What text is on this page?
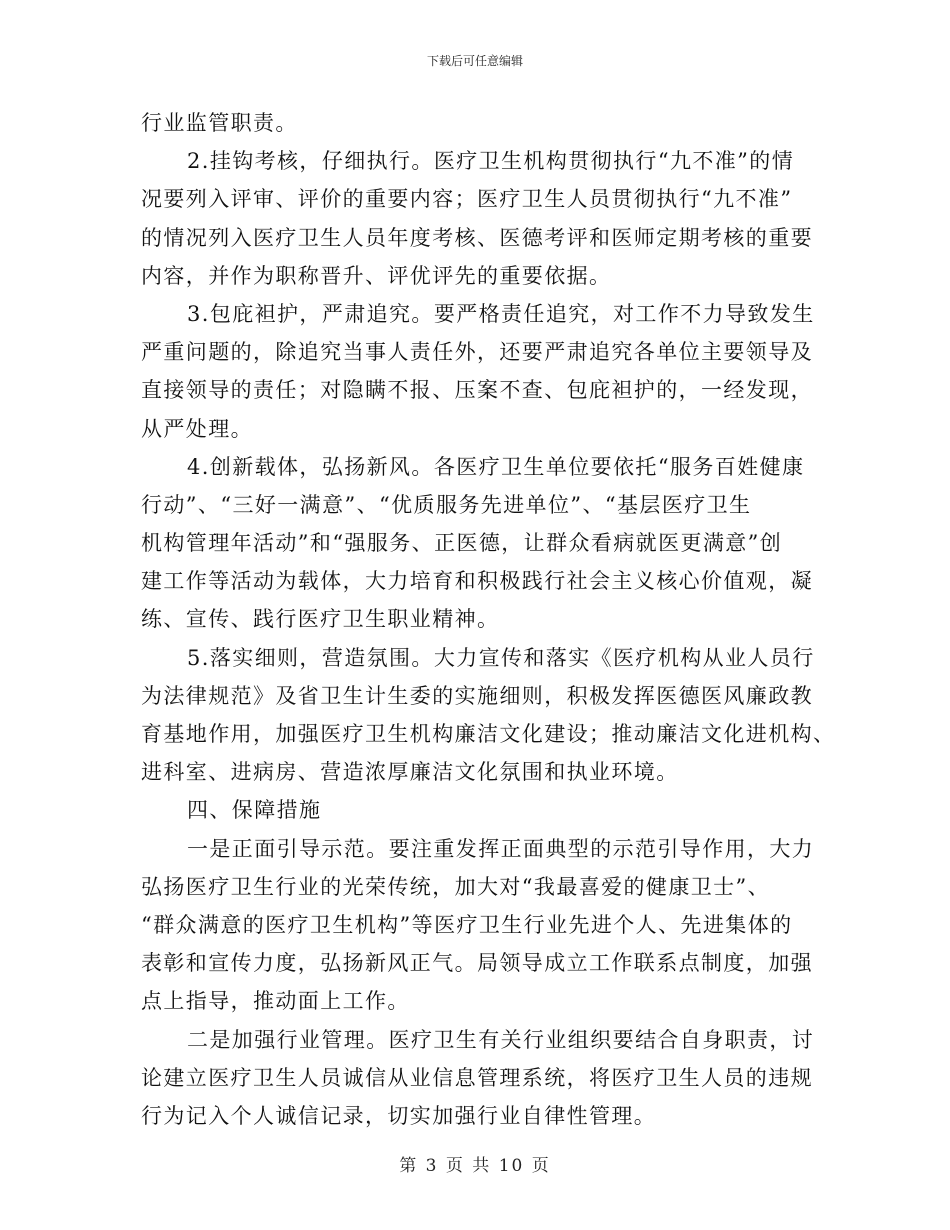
下载后可任意编辑
行业监管职责。
2.挂钩考核，仔细执行。医疗卫生机构贯彻执行“九不准”的情
况要列入评审、评价的重要内容；医疗卫生人员贯彻执行“九不准”
的情况列入医疗卫生人员年度考核、医德考评和医师定期考核的重要
内容，并作为职称晋升、评优评先的重要依据。
3.包庇袒护，严肃追究。要严格责任追究，对工作不力导致发生
严重问题的，除追究当事人责任外，还要严肃追究各单位主要领导及
直接领导的责任；对隐瞒不报、压案不查、包庇袒护的，一经发现，
从严处理。
4.创新载体，弘扬新风。各医疗卫生单位要依托“服务百姓健康
行动”、“三好一满意”、“优质服务先进单位”、“基层医疗卫生
机构管理年活动”和“强服务、正医德，让群众看病就医更满意”创
建工作等活动为载体，大力培育和积极践行社会主义核心价值观，凝
练、宣传、践行医疗卫生职业精神。
5.落实细则，营造氛围。大力宣传和落实《医疗机构从业人员行
为法律规范》及省卫生计生委的实施细则，积极发挥医德医风廉政教
育基地作用，加强医疗卫生机构廉洁文化建设；推动廉洁文化进机构、
进科室、进病房、营造浓厚廉洁文化氛围和执业环境。
四、保障措施
一是正面引导示范。要注重发挥正面典型的示范引导作用，大力
弘扬医疗卫生行业的光荣传统，加大对“我最喜爱的健康卫士”、
“群众满意的医疗卫生机构”等医疗卫生行业先进个人、先进集体的
表彰和宣传力度，弘扬新风正气。局领导成立工作联系点制度，加强
点上指导，推动面上工作。
二是加强行业管理。医疗卫生有关行业组织要结合自身职责，讨
论建立医疗卫生人员诚信从业信息管理系统，将医疗卫生人员的违规
行为记入个人诚信记录，切实加强行业自律性管理。
第 3 页 共 10 页
